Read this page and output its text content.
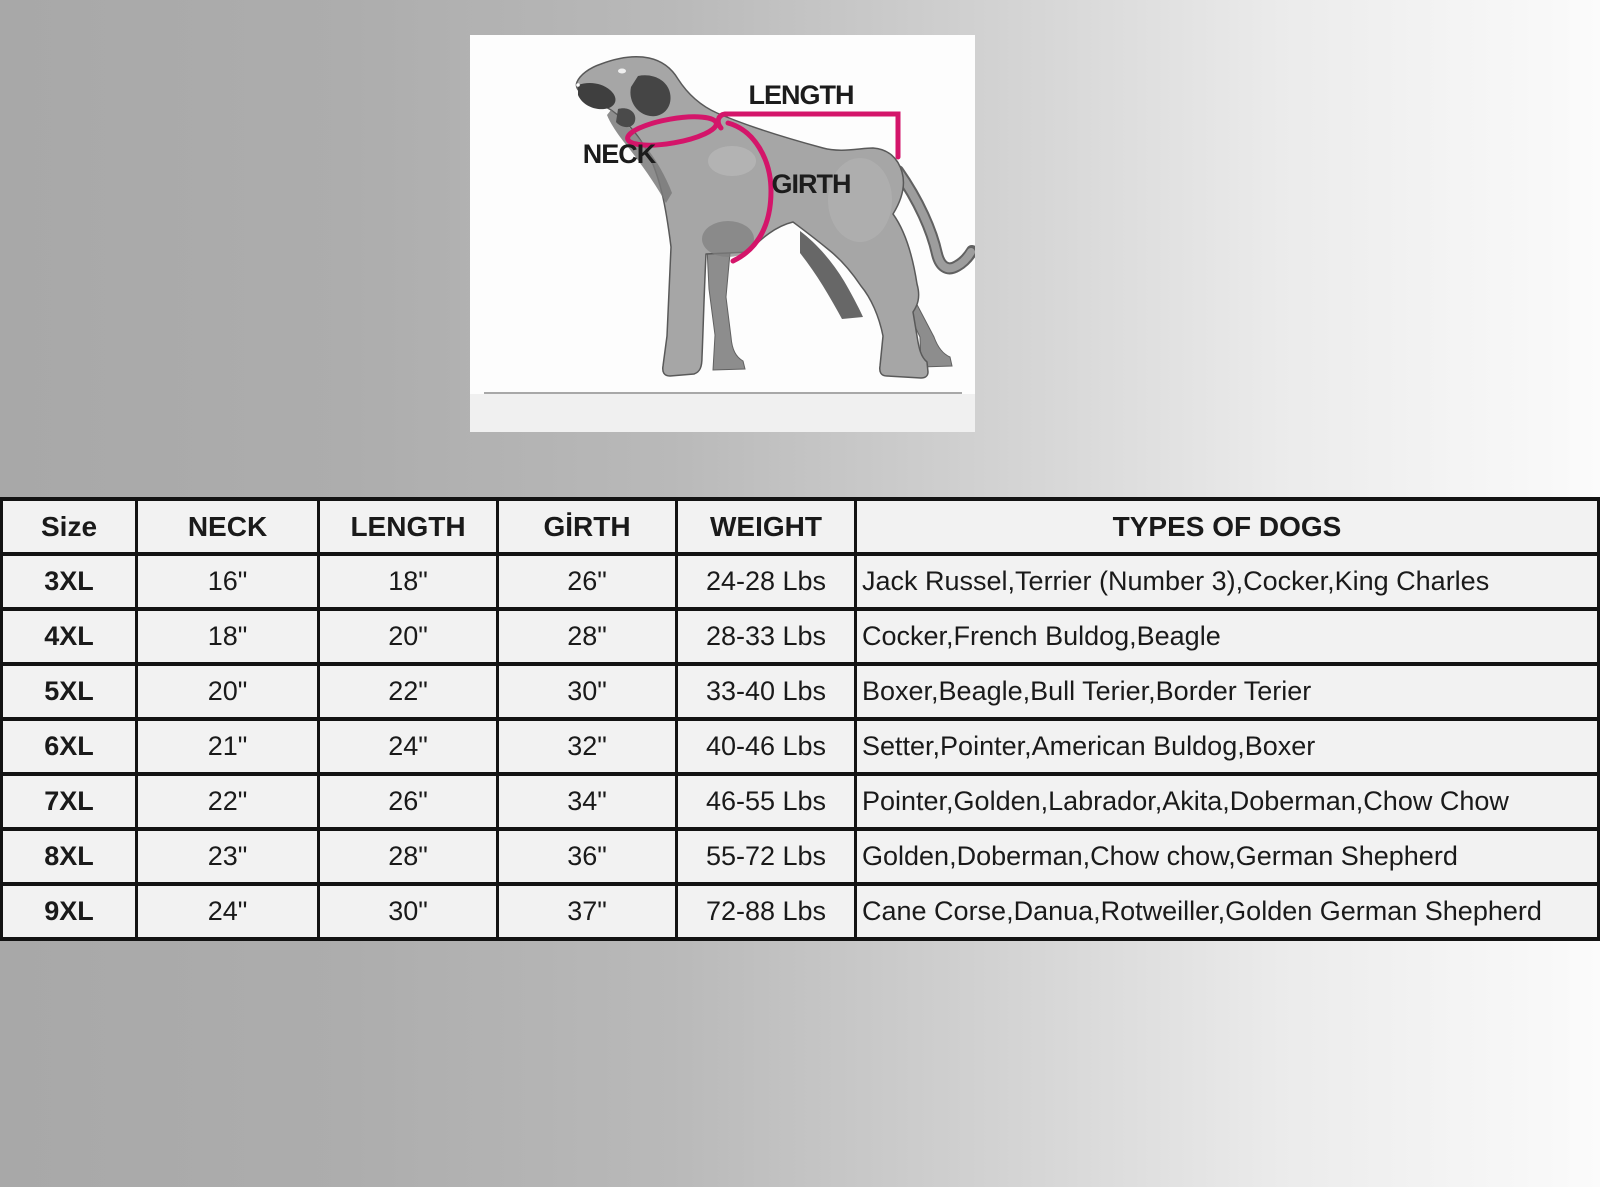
LENGTH
NECK
GIRTH
Size	NECK	LENGTH	GİRTH	WEIGHT	TYPES OF DOGS
3XL	16"	18"	26"	24-28 Lbs	Jack Russel,Terrier (Number 3),Cocker,King Charles
4XL	18"	20"	28"	28-33 Lbs	Cocker,French Buldog,Beagle
5XL	20"	22"	30"	33-40 Lbs	Boxer,Beagle,Bull Terier,Border Terier
6XL	21"	24"	32"	40-46 Lbs	Setter,Pointer,American Buldog,Boxer
7XL	22"	26"	34"	46-55 Lbs	Pointer,Golden,Labrador,Akita,Doberman,Chow Chow
8XL	23"	28"	36"	55-72 Lbs	Golden,Doberman,Chow chow,German Shepherd
9XL	24"	30"	37"	72-88 Lbs	Cane Corse,Danua,Rotweiller,Golden German Shepherd
